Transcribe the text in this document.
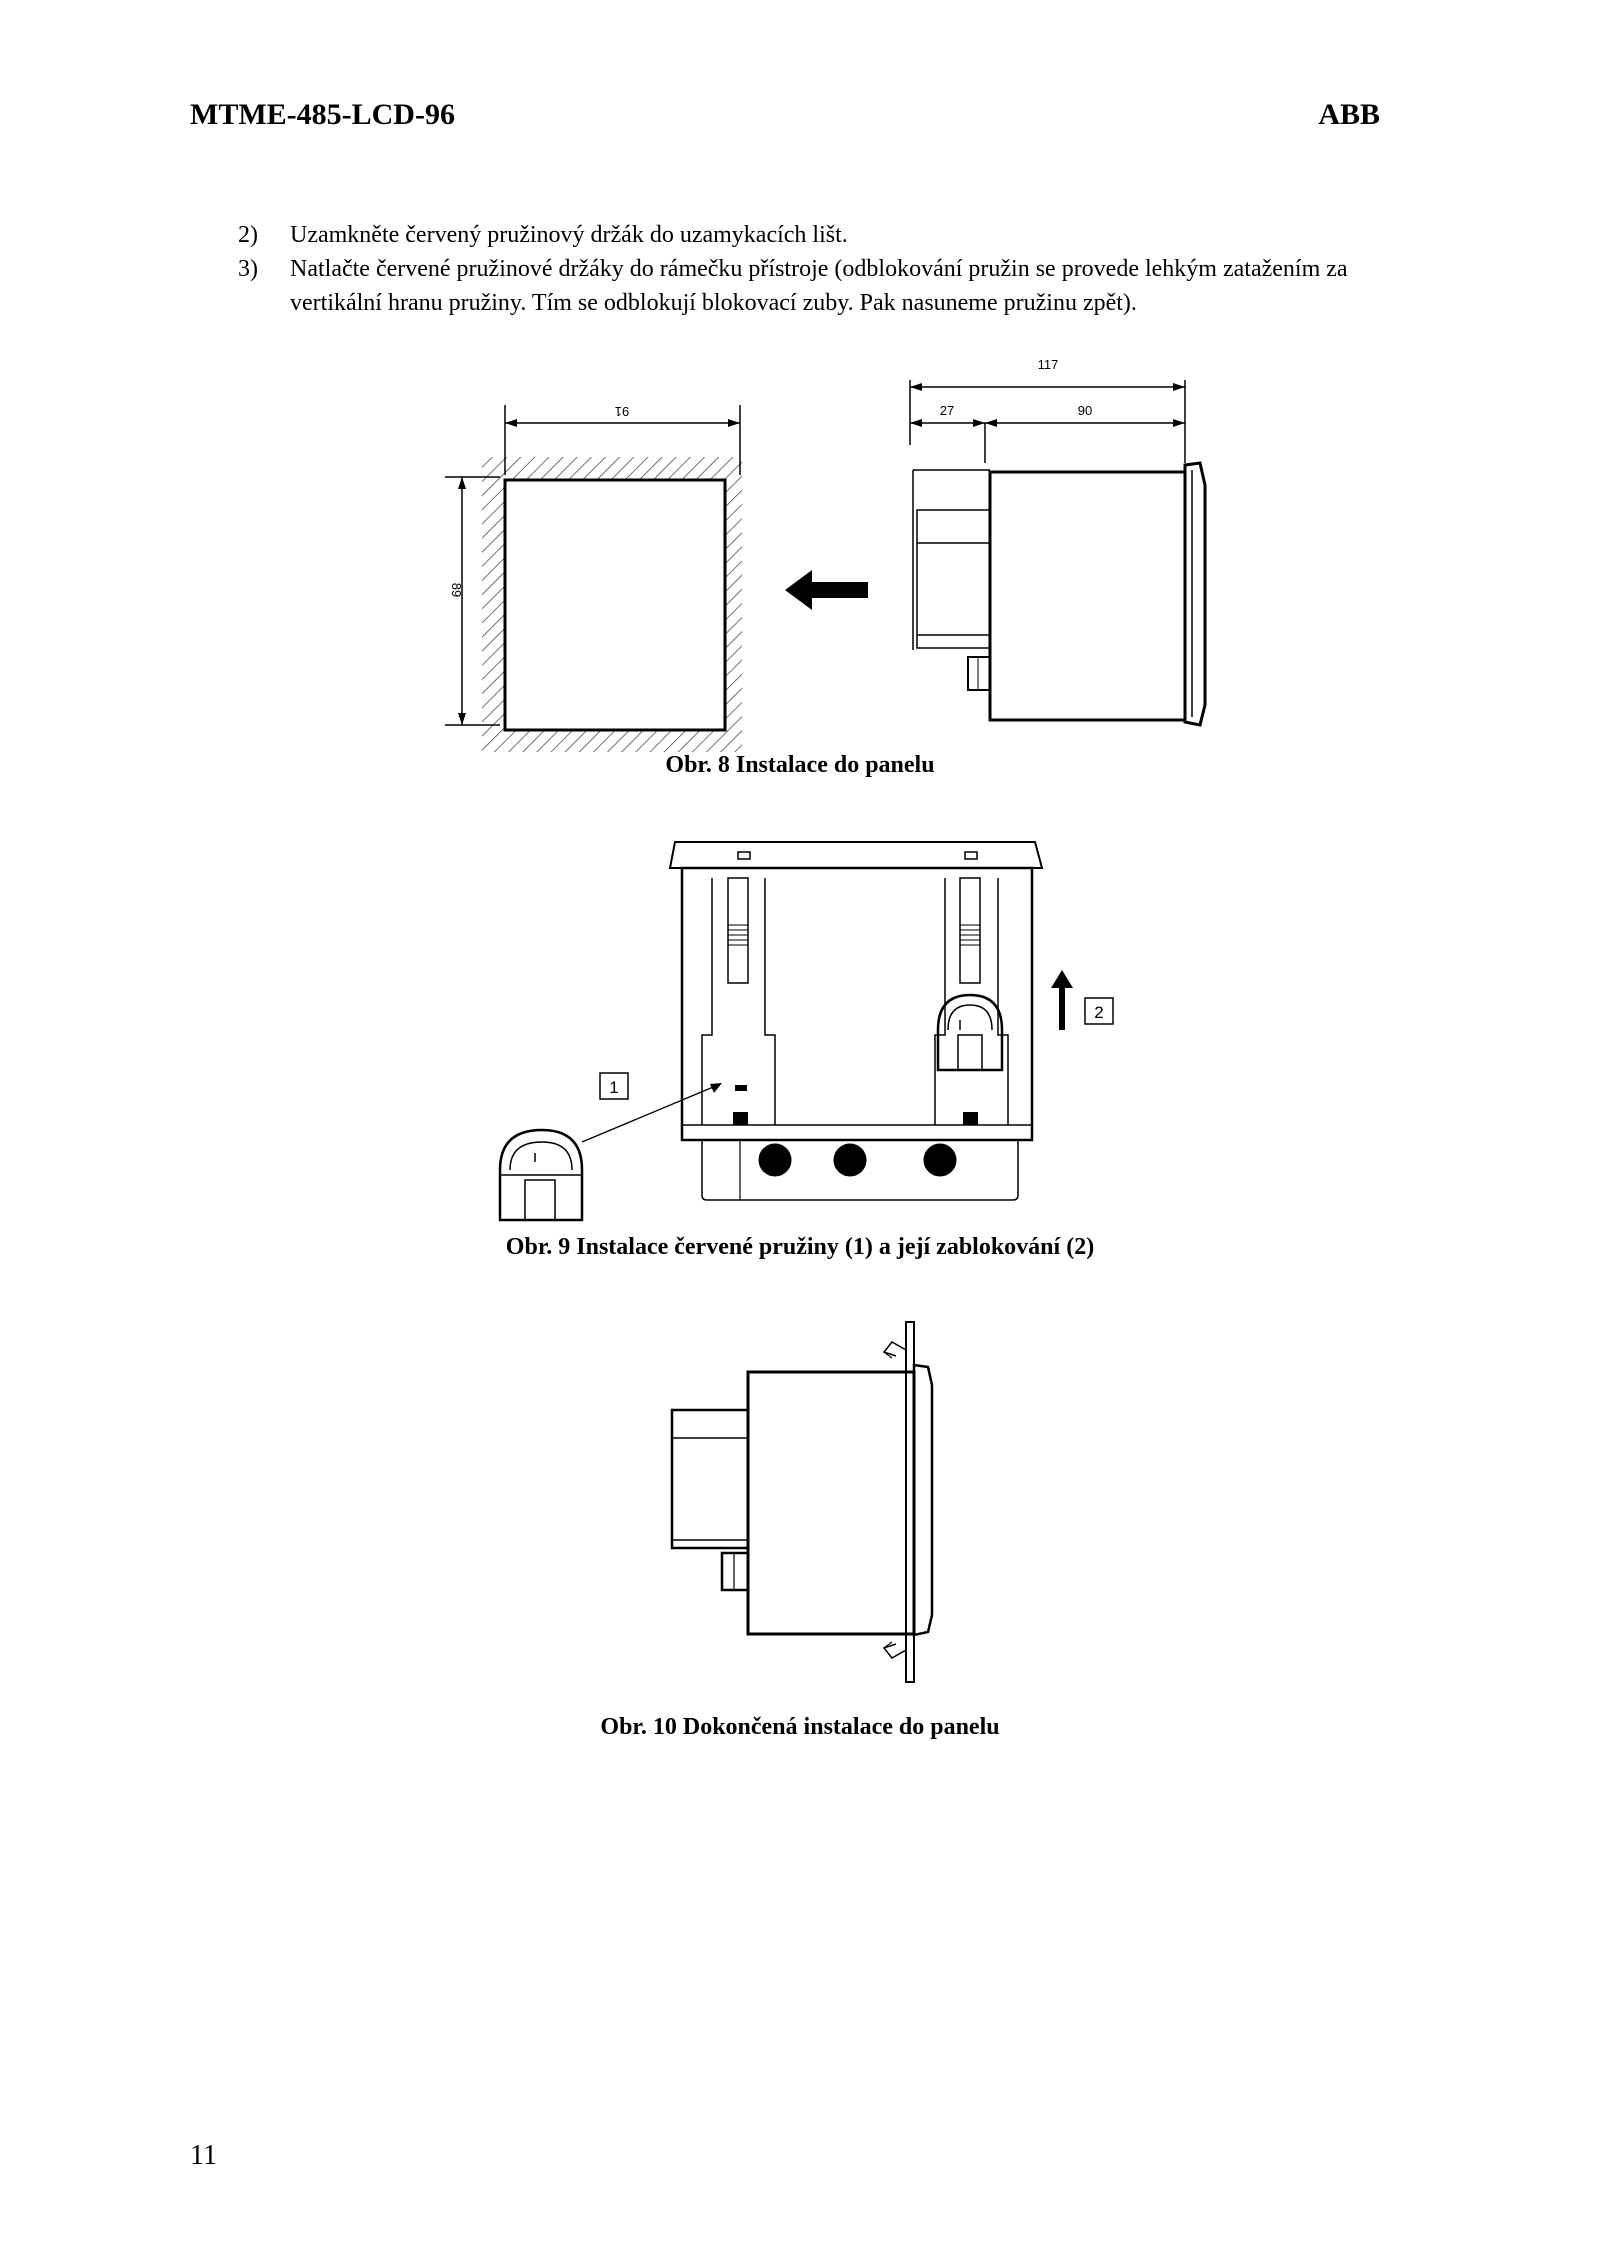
MTME-485-LCD-96	ABB
2)	Uzamkněte červený pružinový držák do uzamykacích lišt.
3)	Natlačte červené pružinové držáky do rámečku přístroje (odblokování pružin se provede lehkým zatažením za vertikální hranu pružiny. Tím se odblokují blokovací zuby. Pak nasuneme pružinu zpět).
91
89
117
27	90
Obr. 8 Instalace do panelu
1
2
Obr. 9 Instalace červené pružiny (1) a její zablokování (2)
Obr. 10 Dokončená instalace do panelu
11
